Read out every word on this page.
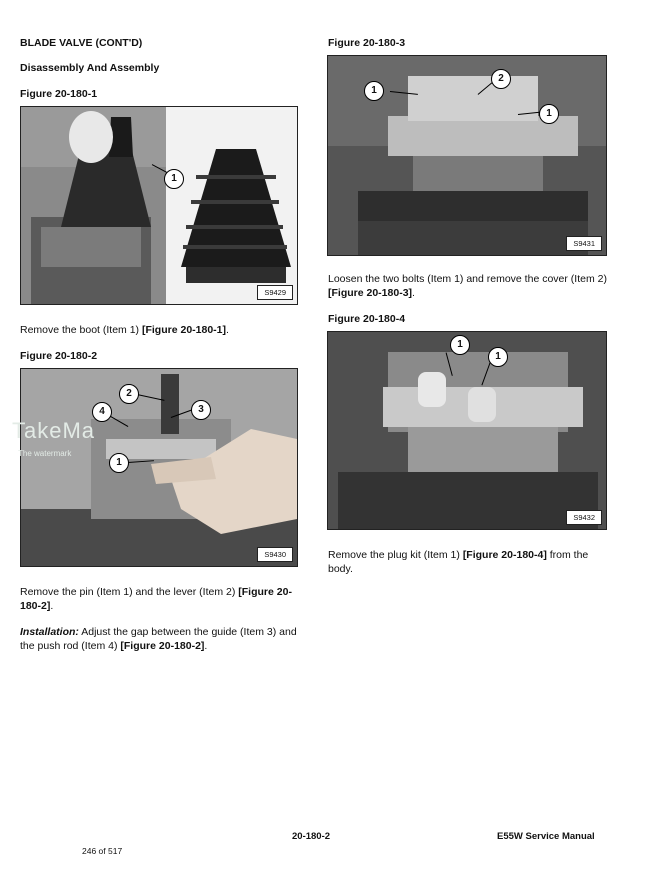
BLADE VALVE (CONT'D)
Disassembly And Assembly
Figure 20-180-1
1
S9429
Remove the boot (Item 1) [Figure 20-180-1].
Figure 20-180-2
2
4	3
1
S9430
TakeMa
The watermark
Remove the pin (Item 1) and the lever (Item 2) [Figure 20-180-2].
Installation: Adjust the gap between the guide (Item 3) and the push rod (Item 4) [Figure 20-180-2].
Figure 20-180-3
1
2
1
S9431
Loosen the two bolts (Item 1) and remove the cover (Item 2) [Figure 20-180-3].
Figure 20-180-4
1
1
S9432
Remove the plug kit (Item 1) [Figure 20-180-4] from the body.
20-180-2	E55W Service Manual
246 of 517
